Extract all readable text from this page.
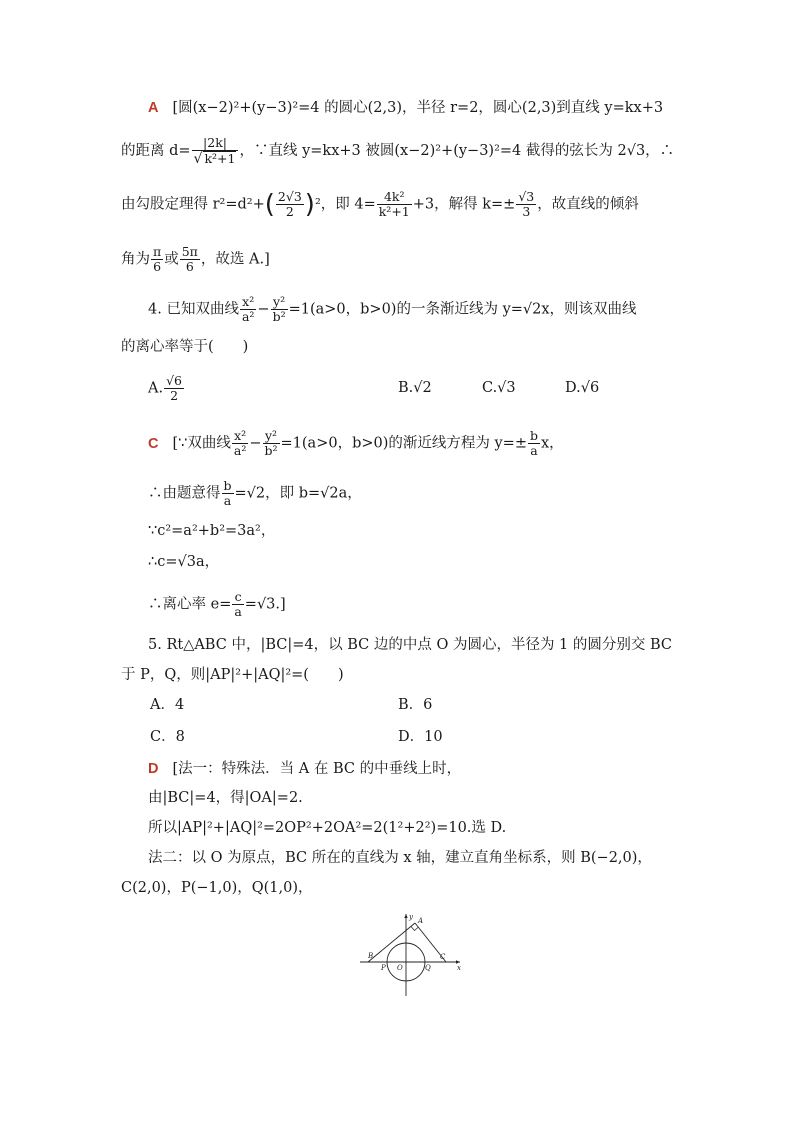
A [圆(x−2)²+(y−3)²=4 的圆心(2,3)，半径 r=2，圆心(2,3)到直线 y=kx+3
的距离 $d= \frac{|2k|}{\text{√ k²+1}}$ ，∵直线 y=kx+3 被圆(x−2)²+(y−3)²=4 截得的弦长为 2√3，∴
由勾股定理得 $r^2=d^2+( \frac{2√3}{2} )^2$，即 $4= \frac{\text{4k²}}{\text{k²+1}} +3$，解得 $k=\pm \frac{√3}{3}$ ，故直线的倾斜
角为 $\frac{\pi}{6}$ 或 $\frac{5\pi}{6}$ ，故选 A.]
4. 已知双曲线 $\frac{\text{x²}}{\text{a²}} - \frac{\text{y²}}{\text{b²}} =1(a>0$，b>0)的一条渐近线为 y=√2x，则该双曲线
的离心率等于(　　)
A. $\frac{√6}{2}$	B.√2	C.√3	D.√6
C [∵双曲线 $\frac{\text{x²}}{\text{a²}} - \frac{\text{y²}}{\text{b²}} =1(a>0$，b>0)的渐近线方程为 $y=\pm \frac{b}{a}$ x，
∴由题意得 $\frac{b}{a} =√2$，即 b=√2a，
∵c²=a²+b²=3a²，
∴c=√3a，
∴离心率 $e= \frac{c}{a} =√3$.]
5. Rt△ABC 中，|BC|=4，以 BC 边的中点 O 为圆心，半径为 1 的圆分别交 BC
于 P，Q，则|AP|²+|AQ|²=(　　)
A．4	B．6
C．8	D．10
D [法一：特殊法．当 A 在 BC 的中垂线上时，
由|BC|=4，得|OA|=2.
所以|AP|²+|AQ|²=2OP²+2OA²=2(1²+2²)=10.选 D.
法二：以 O 为原点，BC 所在的直线为 x 轴，建立直角坐标系，则 B(−2,0)，
C(2,0)，P(−1,0)，Q(1,0)，
y A
B	C
P O	Q	x
